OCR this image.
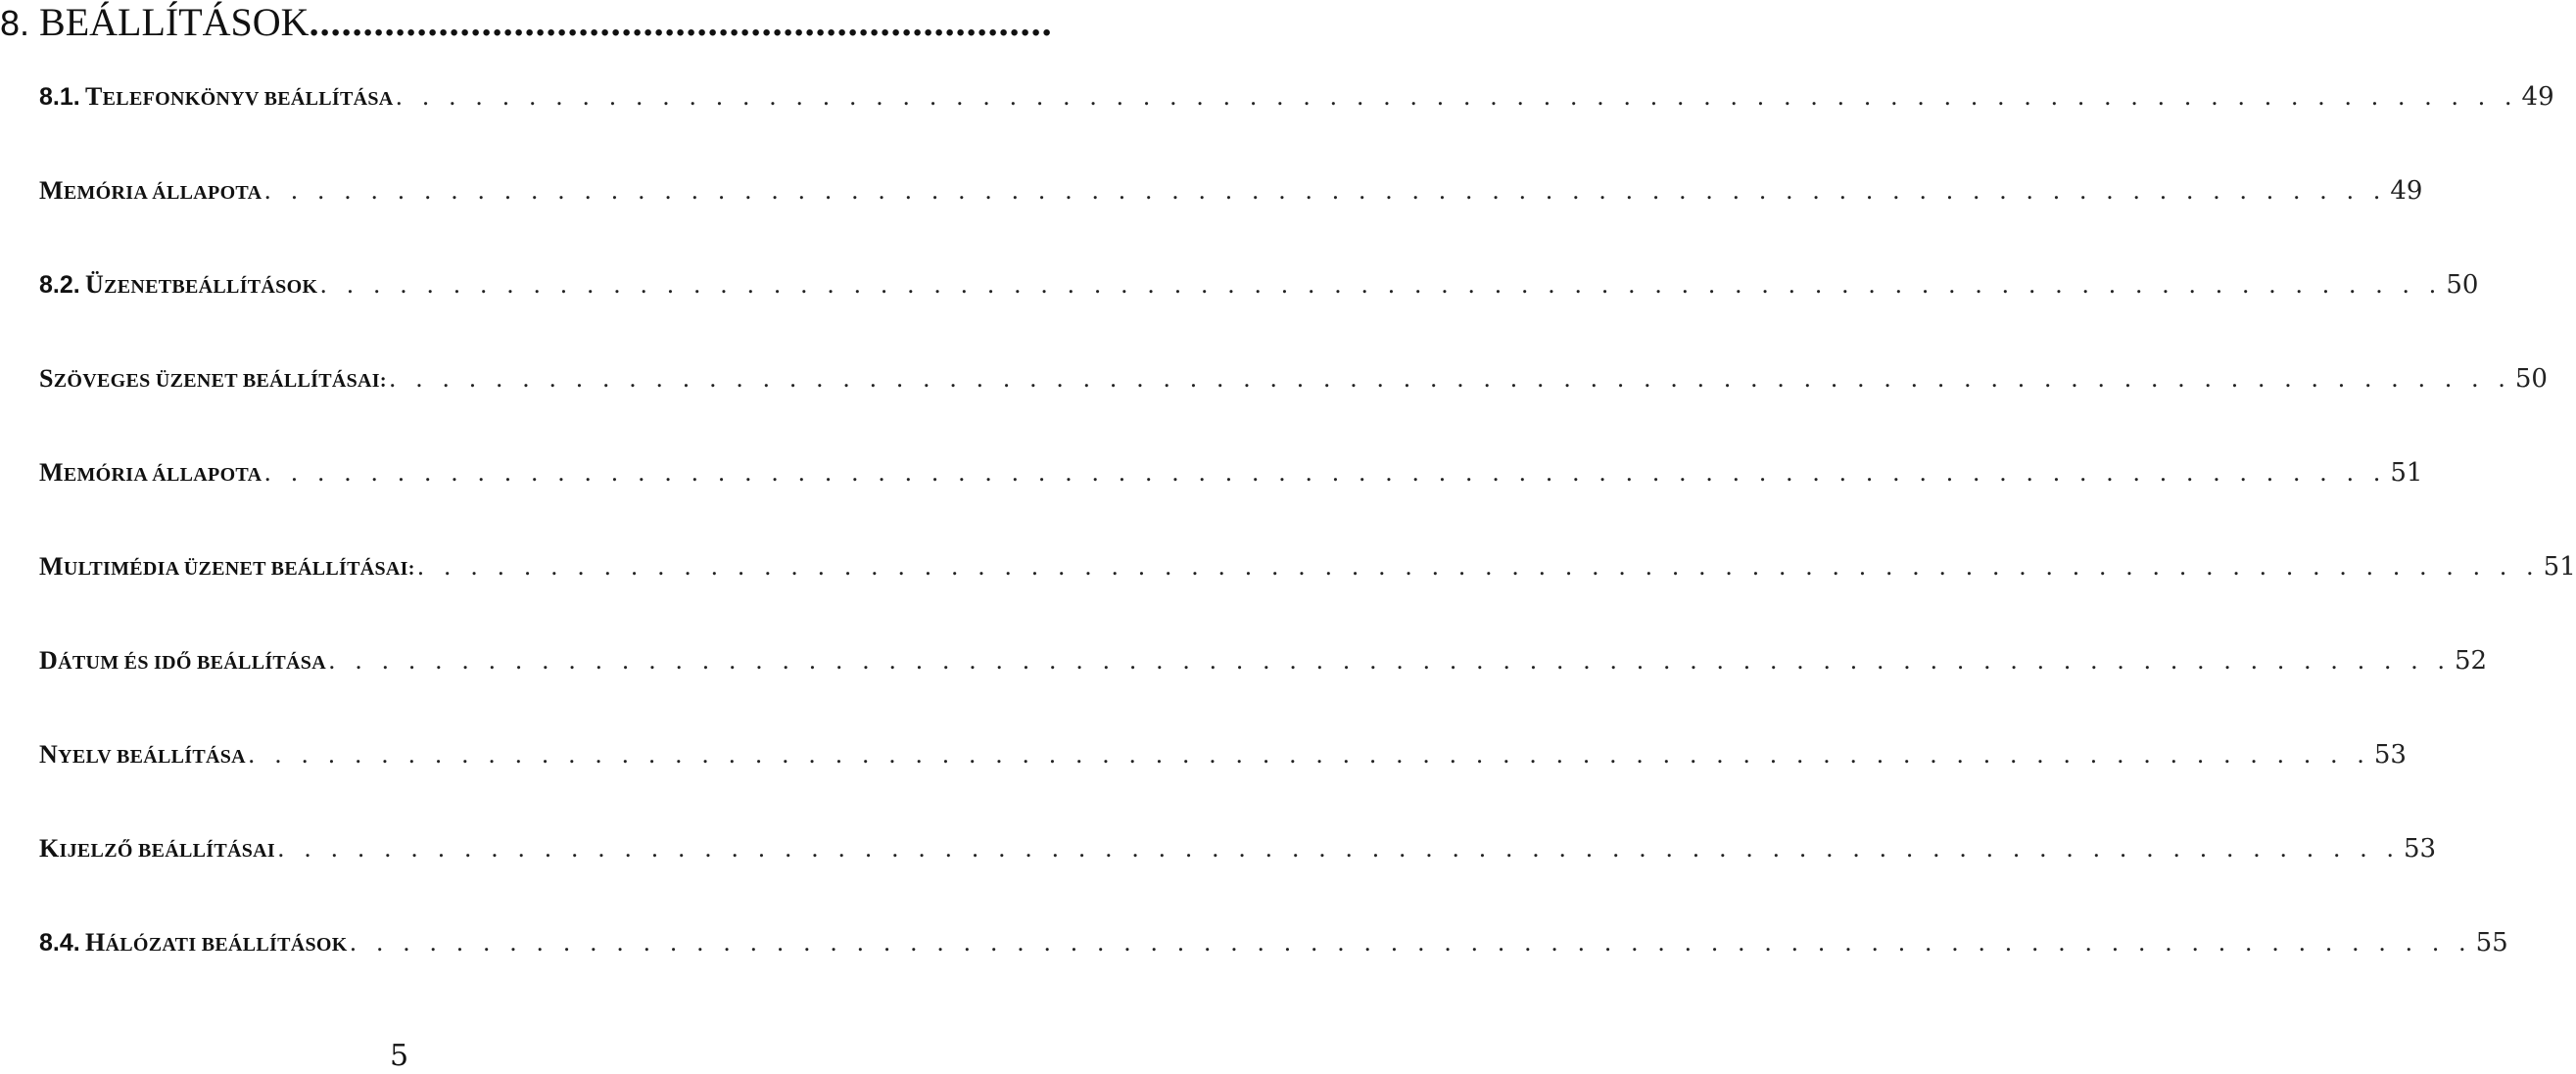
8. BEÁLLÍTÁSOK.....................................................................
8.1. TELEFONKÖNYV BEÁLLÍTÁSA . . .	49
MEMÓRIA ÁLLAPOTA . . .	49
8.2. ÜZENETBEÁLLÍTÁSOK . . .	50
SZÖVEGES ÜZENET BEÁLLÍTÁSAI: . . .	50
MEMÓRIA ÁLLAPOTA . . .	51
MULTIMÉDIA ÜZENET BEÁLLÍTÁSAI: . . .	51
DÁTUM ÉS IDŐ BEÁLLÍTÁSA . . .	52
NYELV BEÁLLÍTÁSA . . .	53
KIJELZŐ BEÁLLÍTÁSAI . . .	53
8.4. HÁLÓZATI BEÁLLÍTÁSOK . . .	55
5
